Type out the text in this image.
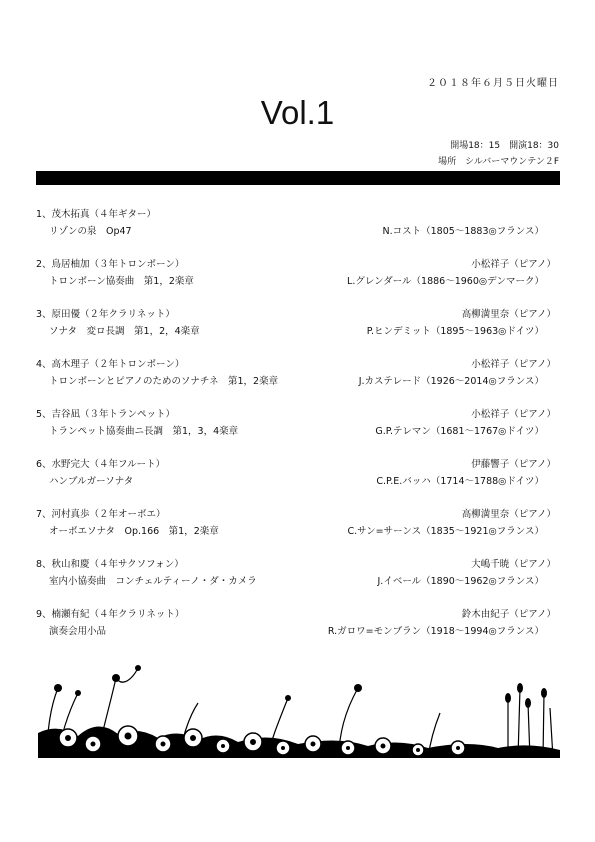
２０１８年６月５日火曜日
Vol.1
開場18：15　開演18：30
場所　シルバーマウンテン２F
1、茂木拓真（４年ギター）
リゾンの泉　Op47	N.コスト（1805～1883◎フランス）
2、鳥居柚加（３年トロンボーン）	小松祥子（ピアノ）
トロンボーン協奏曲　第1，2楽章	L.グレンダール（1886～1960◎デンマーク）
3、原田優（２年クラリネット）	高柳満里奈（ピアノ）
ソナタ　変ロ長調　第1，2，4楽章	P.ヒンデミット（1895～1963◎ドイツ）
4、高木理子（２年トロンボーン）	小松祥子（ピアノ）
トロンボーンとピアノのためのソナチネ　第1，2楽章	J.カステレード（1926～2014◎フランス）
5、吉谷凪（３年トランペット）	小松祥子（ピアノ）
トランペット協奏曲ニ長調　第1，3，4楽章	G.P.テレマン（1681～1767◎ドイツ）
6、水野完大（４年フルート）	伊藤響子（ピアノ）
ハンブルガーソナタ	C.P.E.バッハ（1714～1788◎ドイツ）
7、河村真歩（２年オーボエ）	高柳満里奈（ピアノ）
オーボエソナタ　Op.166　第1，2楽章	C.サン=サーンス（1835～1921◎フランス）
8、秋山和慶（４年サクソフォン）	大嶋千暁（ピアノ）
室内小協奏曲　コンチェルティーノ・ダ・カメラ	J.イベール（1890～1962◎フランス）
9、楠瀬有紀（４年クラリネット）	鈴木由紀子（ピアノ）
演奏会用小品	R.ガロワ=モンブラン（1918～1994◎フランス）
